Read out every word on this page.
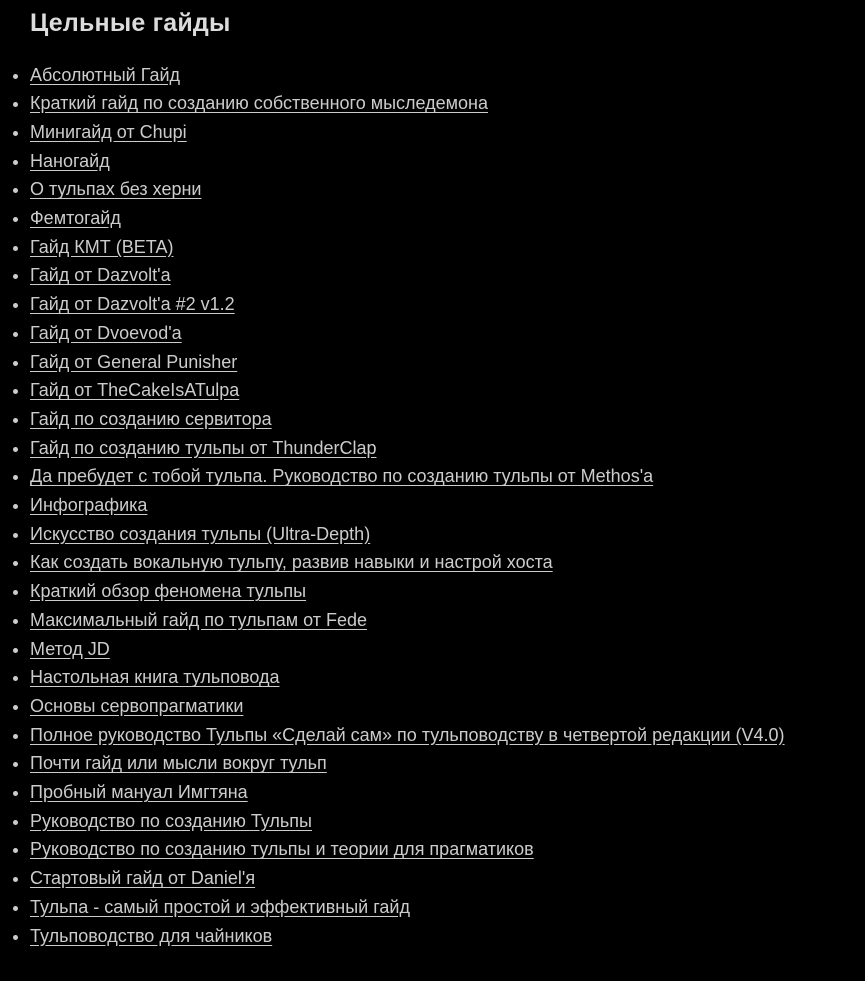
Цельные гайды
• Абсолютный Гайд
• Краткий гайд по созданию собственного мыследемона
• Минигайд от Chupi
• Наногайд
• О тульпах без херни
• Фемтогайд
• Гайд КМТ (BETA)
• Гайд от Dazvolt'a
• Гайд от Dazvolt'a #2 v1.2
• Гайд от Dvoevod'a
• Гайд от General Punisher
• Гайд от TheCakeIsATulpa
• Гайд по созданию сервитора
• Гайд по созданию тульпы от ThunderClap
• Да пребудет с тобой тульпа. Руководство по созданию тульпы от Methos'a
• Инфографика
• Искусство создания тульпы (Ultra-Depth)
• Как создать вокальную тульпу, развив навыки и настрой хоста
• Краткий обзор феномена тульпы
• Максимальный гайд по тульпам от Fede
• Метод JD
• Настольная книга тульповода
• Основы сервопрагматики
• Полное руководство Тульпы «Сделай сам» по тульповодству в четвертой редакции (V4.0)
• Почти гайд или мысли вокруг тульп
• Пробный мануал Имгтяна
• Руководство по созданию Тульпы
• Руководство по созданию тульпы и теории для прагматиков
• Стартовый гайд от Daniel'я
• Тульпа - самый простой и эффективный гайд
• Тульповодство для чайников
